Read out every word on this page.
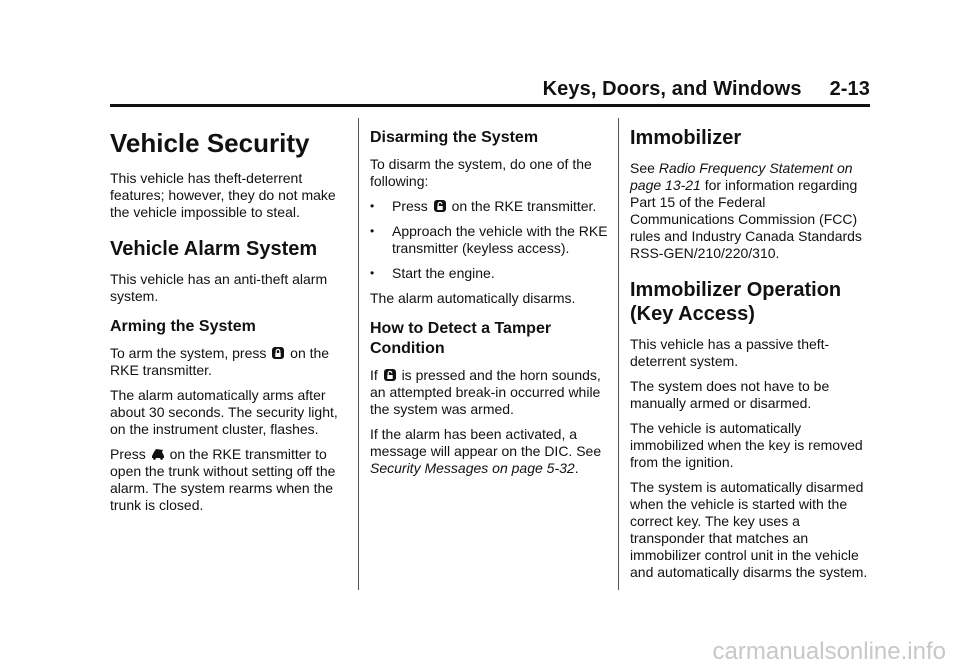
Keys, Doors, and Windows 2-13
Vehicle Security

This vehicle has theft-deterrent features; however, they do not make the vehicle impossible to steal.

Vehicle Alarm System

This vehicle has an anti-theft alarm system.

Arming the System

To arm the system, press on the RKE transmitter.

The alarm automatically arms after about 30 seconds. The security light, on the instrument cluster, flashes.

Press on the RKE transmitter to open the trunk without setting off the alarm. The system rearms when the trunk is closed.

Disarming the System

To disarm the system, do one of the following:

• Press on the RKE transmitter.
• Approach the vehicle with the RKE transmitter (keyless access).
• Start the engine.

The alarm automatically disarms.

How to Detect a Tamper Condition

If is pressed and the horn sounds, an attempted break-in occurred while the system was armed.

If the alarm has been activated, a message will appear on the DIC. See Security Messages on page 5-32.

Immobilizer

See Radio Frequency Statement on page 13-21 for information regarding Part 15 of the Federal Communications Commission (FCC) rules and Industry Canada Standards RSS-GEN/210/220/310.

Immobilizer Operation (Key Access)

This vehicle has a passive theft-deterrent system.

The system does not have to be manually armed or disarmed.

The vehicle is automatically immobilized when the key is removed from the ignition.

The system is automatically disarmed when the vehicle is started with the correct key. The key uses a transponder that matches an immobilizer control unit in the vehicle and automatically disarms the system.

carmanualsonline.info
